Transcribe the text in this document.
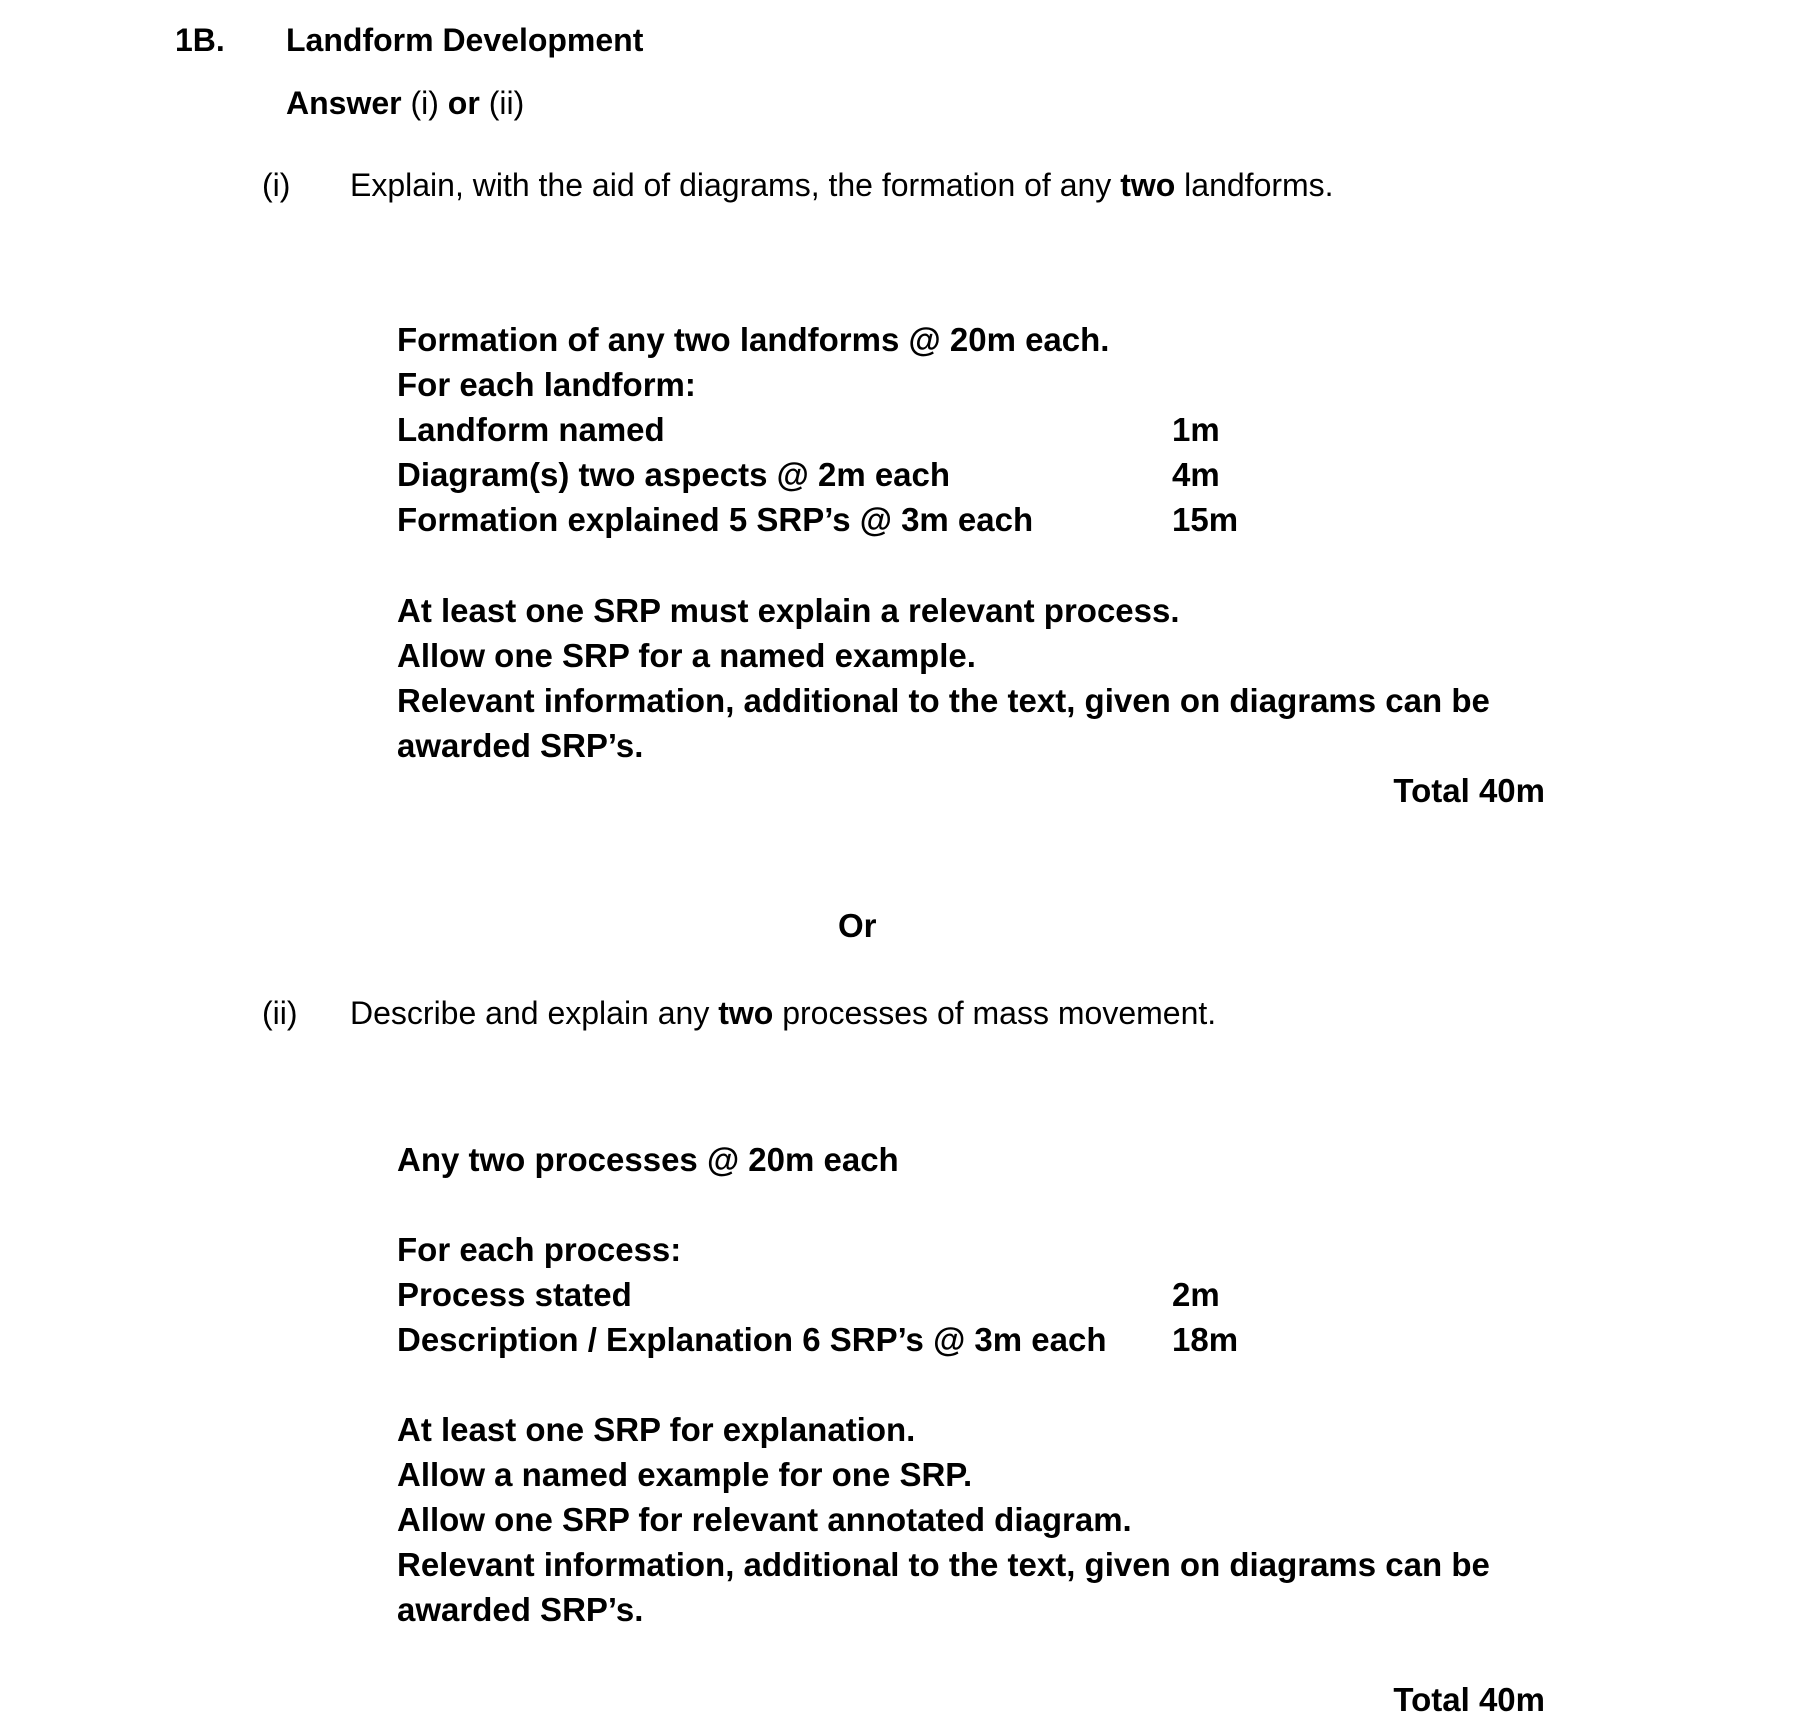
1B. Landform Development
Answer (i) or (ii)
(i) Explain, with the aid of diagrams, the formation of any two landforms.
Formation of any two landforms @ 20m each.
For each landform:
Landform named	1m
Diagram(s) two aspects @ 2m each	4m
Formation explained 5 SRP’s @ 3m each	15m
At least one SRP must explain a relevant process.
Allow one SRP for a named example.
Relevant information, additional to the text, given on diagrams can be
awarded SRP’s.
Total 40m
Or
(ii) Describe and explain any two processes of mass movement.
Any two processes @ 20m each
For each process:
Process stated	2m
Description / Explanation 6 SRP’s @ 3m each 18m
At least one SRP for explanation.
Allow a named example for one SRP.
Allow one SRP for relevant annotated diagram.
Relevant information, additional to the text, given on diagrams can be
awarded SRP’s.
Total 40m
